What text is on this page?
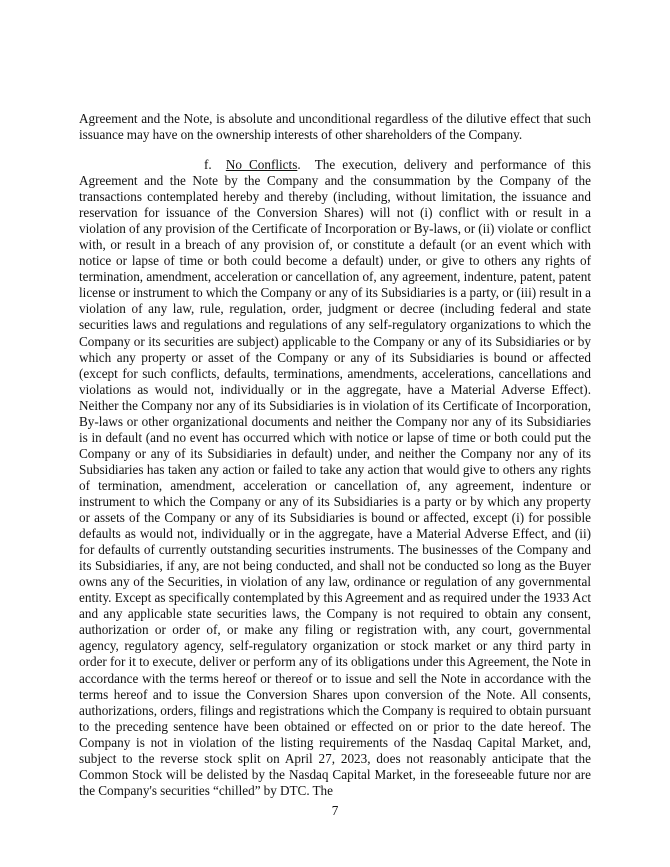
Agreement and the Note, is absolute and unconditional regardless of the dilutive effect that such issuance may have on the ownership interests of other shareholders of the Company.
f. No Conflicts. The execution, delivery and performance of this Agreement and the Note by the Company and the consummation by the Company of the transactions contemplated hereby and thereby (including, without limitation, the issuance and reservation for issuance of the Conversion Shares) will not (i) conflict with or result in a violation of any provision of the Certificate of Incorporation or By-laws, or (ii) violate or conflict with, or result in a breach of any provision of, or constitute a default (or an event which with notice or lapse of time or both could become a default) under, or give to others any rights of termination, amendment, acceleration or cancellation of, any agreement, indenture, patent, patent license or instrument to which the Company or any of its Subsidiaries is a party, or (iii) result in a violation of any law, rule, regulation, order, judgment or decree (including federal and state securities laws and regulations and regulations of any self-regulatory organizations to which the Company or its securities are subject) applicable to the Company or any of its Subsidiaries or by which any property or asset of the Company or any of its Subsidiaries is bound or affected (except for such conflicts, defaults, terminations, amendments, accelerations, cancellations and violations as would not, individually or in the aggregate, have a Material Adverse Effect). Neither the Company nor any of its Subsidiaries is in violation of its Certificate of Incorporation, By-laws or other organizational documents and neither the Company nor any of its Subsidiaries is in default (and no event has occurred which with notice or lapse of time or both could put the Company or any of its Subsidiaries in default) under, and neither the Company nor any of its Subsidiaries has taken any action or failed to take any action that would give to others any rights of termination, amendment, acceleration or cancellation of, any agreement, indenture or instrument to which the Company or any of its Subsidiaries is a party or by which any property or assets of the Company or any of its Subsidiaries is bound or affected, except (i) for possible defaults as would not, individually or in the aggregate, have a Material Adverse Effect, and (ii) for defaults of currently outstanding securities instruments. The businesses of the Company and its Subsidiaries, if any, are not being conducted, and shall not be conducted so long as the Buyer owns any of the Securities, in violation of any law, ordinance or regulation of any governmental entity. Except as specifically contemplated by this Agreement and as required under the 1933 Act and any applicable state securities laws, the Company is not required to obtain any consent, authorization or order of, or make any filing or registration with, any court, governmental agency, regulatory agency, self-regulatory organization or stock market or any third party in order for it to execute, deliver or perform any of its obligations under this Agreement, the Note in accordance with the terms hereof or thereof or to issue and sell the Note in accordance with the terms hereof and to issue the Conversion Shares upon conversion of the Note. All consents, authorizations, orders, filings and registrations which the Company is required to obtain pursuant to the preceding sentence have been obtained or effected on or prior to the date hereof. The Company is not in violation of the listing requirements of the Nasdaq Capital Market, and, subject to the reverse stock split on April 27, 2023, does not reasonably anticipate that the Common Stock will be delisted by the Nasdaq Capital Market, in the foreseeable future nor are the Company's securities “chilled” by DTC. The
7
